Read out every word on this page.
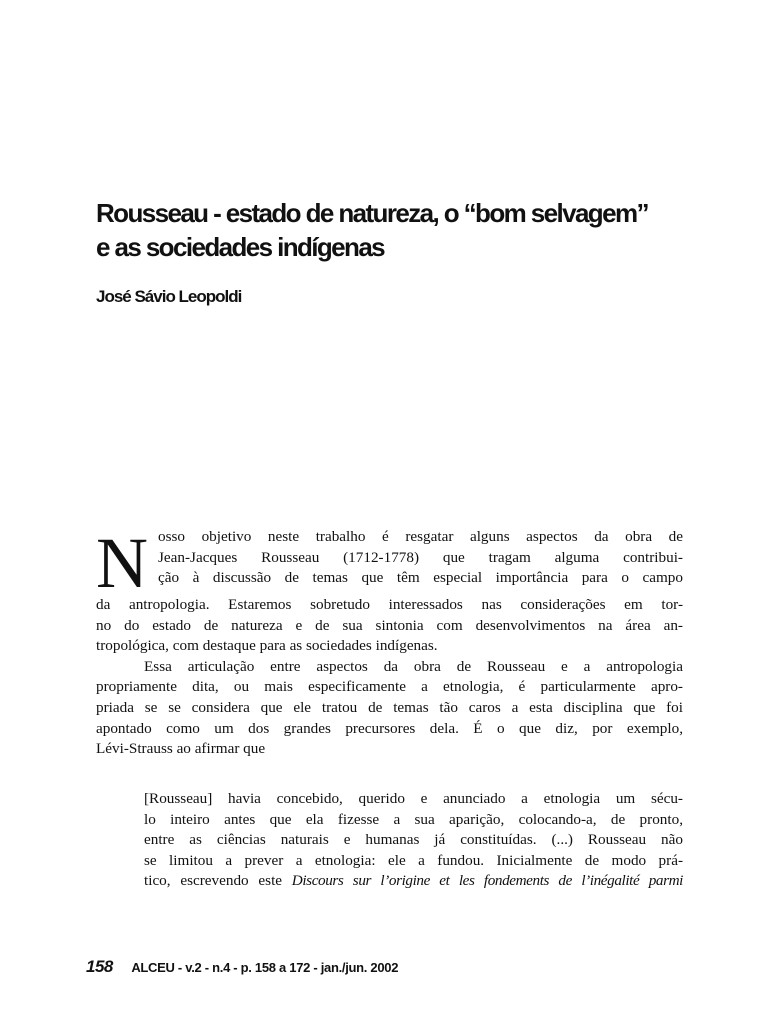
Rousseau - estado de natureza, o “bom selvagem”
e as sociedades indígenas
José Sávio Leopoldi
N osso objetivo neste trabalho é resgatar alguns aspectos da obra de
Jean-Jacques Rousseau (1712-1778) que tragam alguma contribui-
ção à discussão de temas que têm especial importância para o campo
da antropologia. Estaremos sobretudo interessados nas considerações em tor-
no do estado de natureza e de sua sintonia com desenvolvimentos na área an-
tropológica, com destaque para as sociedades indígenas.
Essa articulação entre aspectos da obra de Rousseau e a antropologia
propriamente dita, ou mais especificamente a etnologia, é particularmente apro-
priada se se considera que ele tratou de temas tão caros a esta disciplina que foi
apontado como um dos grandes precursores dela. É o que diz, por exemplo,
Lévi-Strauss ao afirmar que
[Rousseau] havia concebido, querido e anunciado a etnologia um sécu-
lo inteiro antes que ela fizesse a sua aparição, colocando-a, de pronto,
entre as ciências naturais e humanas já constituídas. (...) Rousseau não
se limitou a prever a etnologia: ele a fundou. Inicialmente de modo prá-
tico, escrevendo este Discours sur l’origine et les fondements de l’inégalité parmi
158 ALCEU - v.2 - n.4 - p. 158 a 172 - jan./jun. 2002
